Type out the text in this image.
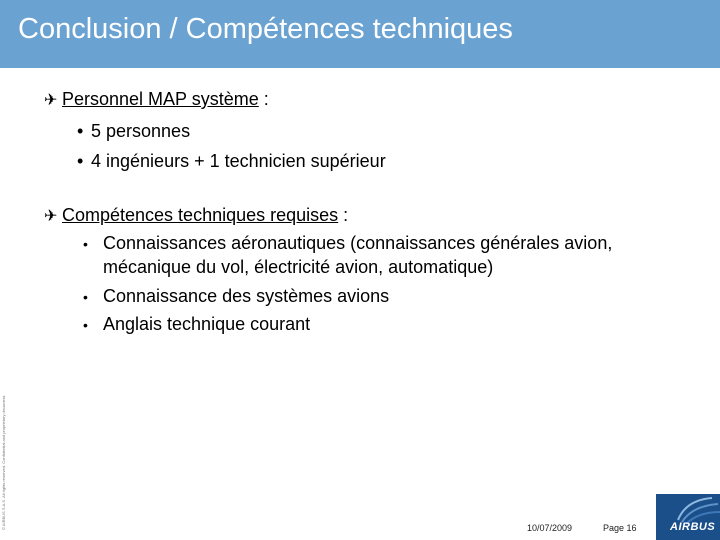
Conclusion / Compétences techniques
© AIRBUS S.A.S. All rights reserved. Confidential and proprietary document.
✈ Personnel MAP système :
• 5 personnes
• 4 ingénieurs + 1 technicien supérieur
✈ Compétences techniques requises :
• Connaissances aéronautiques (connaissances générales avion,
mécanique du vol, électricité avion, automatique)
• Connaissance des systèmes avions
• Anglais technique courant
10/07/2009	Page 16	AIRBUS
